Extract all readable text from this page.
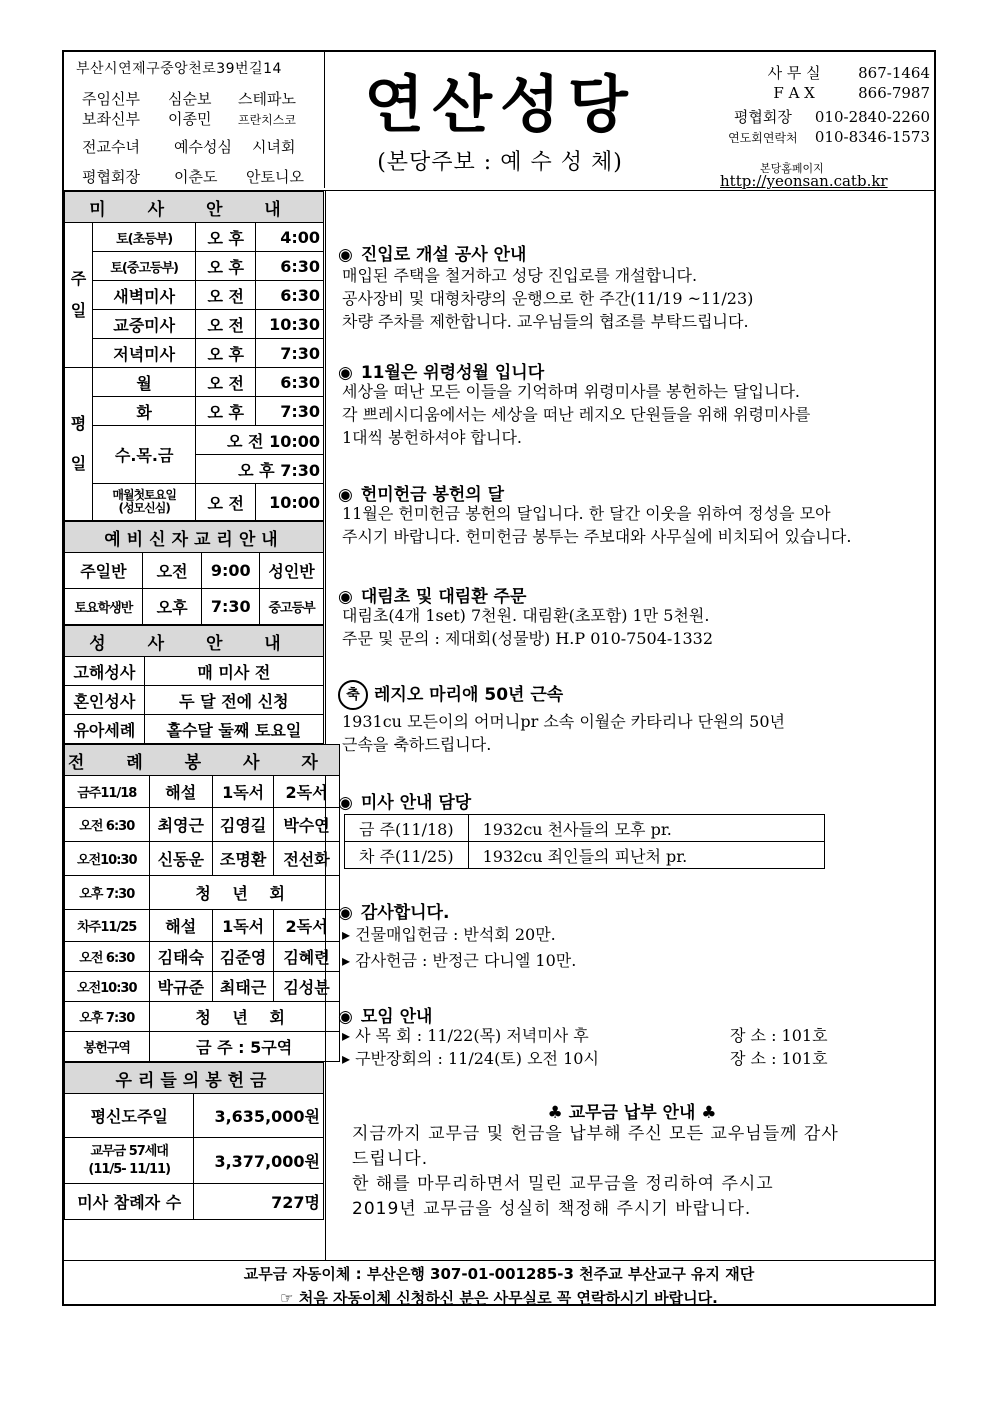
부산시연제구중앙천로39번길14
주임신부 심순보 스테파노
보좌신부 이종민 프란치스코
전교수녀 예수성심 시녀회
평협회장 이춘도 안토니오
연산성당
(본당주보 : 예 수 성 체)
사 무 실	867-1464
F A X	866-7987
평협회장 010-2840-2260
연도회연락처 010-8346-1573
본당홈페이지
http://yeonsan.catb.kr
미 사 안 내			
주일	토(초등부)	오 후	4:00
	토(중고등부)	오 후	6:30
	새벽미사	오 전	6:30
	교중미사	오 전	10:30
	저녁미사	오 후	7:30
평일	월	오 전	6:30
	화	오 후	7:30
	수.목.금	오 전 10:00	
		오 후 7:30	
	매월첫토요일
(성모신심)	오 전	10:00
예비신자교리안내			
주일반	오전	9:00	성인반
토요학생반	오후	7:30	중고등부
성 사 안 내	
고해성사	매 미사 전
혼인성사	두 달 전에 신청
유아세례	홀수달 둘째 토요일
전 례 봉 사 자			
금주11/18	해설	1독서	2독서
오전 6:30	최영근	김영길	박수연
오전10:30	신동운	조명환	전선화
오후 7:30	청 년 회		
차주11/25	해설	1독서	2독서
오전 6:30	김태숙	김준영	김혜련
오전10:30	박규준	최태근	김성분
오후 7:30	청 년 회		
봉헌구역	금 주 : 5구역		
우리들의봉헌금	
평신도주일	3,635,000원
교무금 57세대
(11/5- 11/11)	3,377,000원
미사 참례자 수	727명
◉ 진입로 개설 공사 안내
매입된 주택을 철거하고 성당 진입로를 개설합니다.
공사장비 및 대형차량의 운행으로 한 주간(11/19 ~11/23)
차량 주차를 제한합니다. 교우님들의 협조를 부탁드립니다.
◉ 11월은 위령성월 입니다
세상을 떠난 모든 이들을 기억하며 위령미사를 봉헌하는 달입니다.
각 쁘레시디움에서는 세상을 떠난 레지오 단원들을 위해 위령미사를
1대씩 봉헌하셔야 합니다.
◉ 헌미헌금 봉헌의 달
11월은 헌미헌금 봉헌의 달입니다. 한 달간 이웃을 위하여 정성을 모아
주시기 바랍니다. 헌미헌금 봉투는 주보대와 사무실에 비치되어 있습니다.
◉ 대림초 및 대림환 주문
대림초(4개 1set) 7천원. 대림환(초포함) 1만 5천원.
주문 및 문의 : 제대회(성물방) H.P 010-7504-1332
축 레지오 마리애 50년 근속
1931cu 모든이의 어머니pr 소속 이월순 카타리나 단원의 50년
근속을 축하드립니다.
◉ 미사 안내 담당
금 주(11/18)	1932cu 천사들의 모후 pr.
차 주(11/25)	1932cu 죄인들의 피난처 pr.
◉ 감사합니다.
▸ 건물매입헌금 : 반석회 20만.
▸ 감사헌금 : 반정근 다니엘 10만.
◉ 모임 안내
▸ 사 목 회 : 11/22(목) 저녁미사 후	장 소 : 101호
▸ 구반장회의 : 11/24(토) 오전 10시	장 소 : 101호
♣ 교무금 납부 안내 ♣
지금까지 교무금 및 헌금을 납부해 주신 모든 교우님들께 감사
드립니다.
한 해를 마무리하면서 밀린 교무금을 정리하여 주시고
2019년 교무금을 성실히 책정해 주시기 바랍니다.
교무금 자동이체 : 부산은행 307-01-001285-3 천주교 부산교구 유지 재단
☞ 처음 자동이체 신청하신 분은 사무실로 꼭 연락하시기 바랍니다.
